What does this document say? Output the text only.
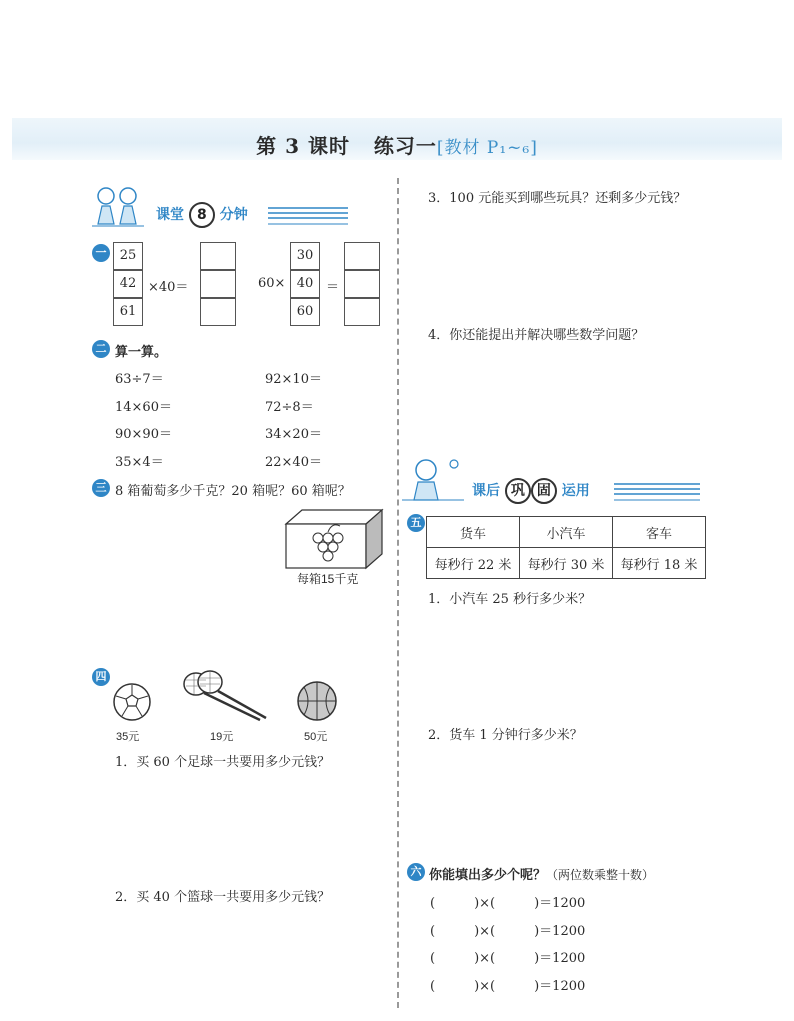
第 3 课时 练习一[教材 P₁~₆]
课堂 8 分钟
一	25
42
61
×40＝	60×
30
40
60
＝
二 算一算。
63÷7＝	92×10＝
14×60＝	72÷8＝
90×90＝	34×20＝
35×4＝	22×40＝
三 8 箱葡萄多少千克？20 箱呢？60 箱呢？
每箱15千克
四
35元	19元	50元
1．买 60 个足球一共要用多少元钱？
2．买 40 个篮球一共要用多少元钱？
3．100 元能买到哪些玩具？还剩多少元钱？
4．你还能提出并解决哪些数学问题？
课后 巩 固 运用
五
货车	小汽车	客车
每秒行 22 米	每秒行 30 米	每秒行 18 米
1．小汽车 25 秒行多少米？
2．货车 1 分钟行多少米？
六 你能填出多少个呢？（两位数乘整十数）
(　　　)×(　　　)＝1200
(　　　)×(　　　)＝1200
(　　　)×(　　　)＝1200
(　　　)×(　　　)＝1200
